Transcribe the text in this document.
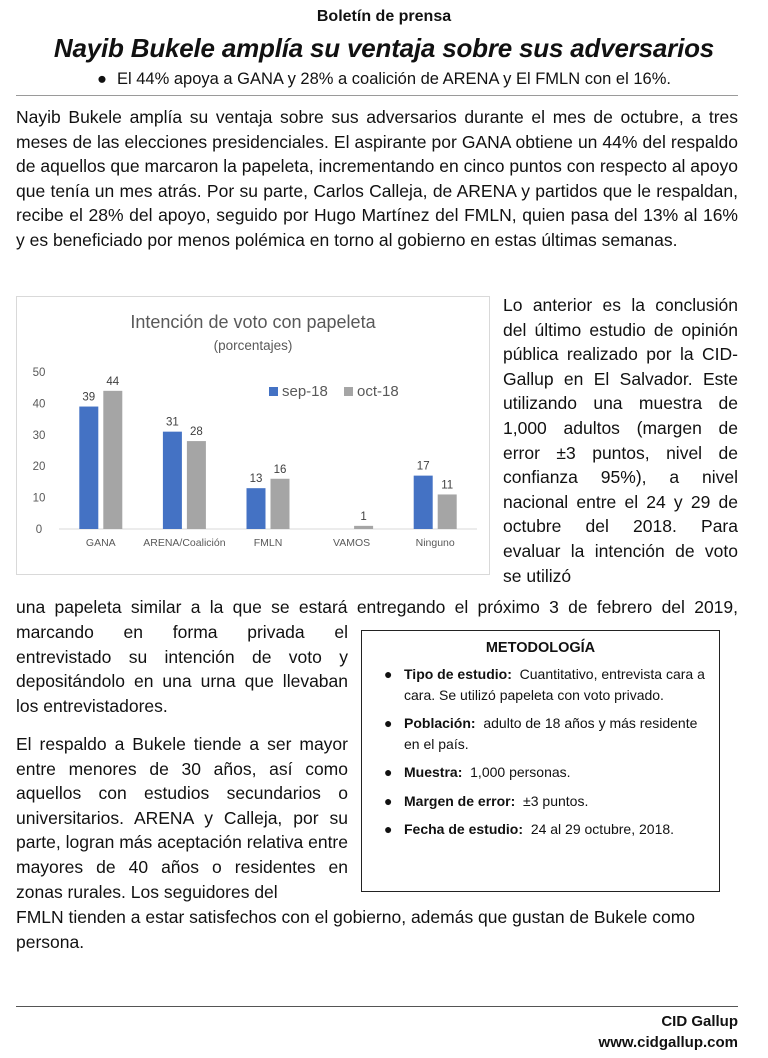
Boletín de prensa
Nayib Bukele amplía su ventaja sobre sus adversarios
● El 44% apoya a GANA y 28% a coalición de ARENA y El FMLN con el 16%.
Nayib Bukele amplía su ventaja sobre sus adversarios durante el mes de octubre, a tres meses de las elecciones presidenciales. El aspirante por GANA obtiene un 44% del respaldo de aquellos que marcaron la papeleta, incrementando en cinco puntos con respecto al apoyo que tenía un mes atrás. Por su parte, Carlos Calleja, de ARENA y partidos que le respaldan, recibe el 28% del apoyo, seguido por Hugo Martínez del FMLN, quien pasa del 13% al 16% y es beneficiado por menos polémica en torno al gobierno en estas últimas semanas.
Intención de voto con papeleta
(porcentajes)
0
10
20
30
40
50
GANA	ARENA/Coalición	FMLN	VAMOS	Ninguno
39
44
31
28
13
16
1
17
11
sep-18 oct-18
Lo anterior es la conclusión del último estudio de opinión pública realizado por la CID-Gallup en El Salvador. Este utilizando una muestra de 1,000 adultos (margen de error ±3 puntos, nivel de confianza 95%), a nivel nacional entre el 24 y 29 de octubre del 2018. Para evaluar la intención de voto se utilizó
una papeleta similar a la que se estará entregando el próximo 3 de febrero del 2019,
marcando en forma privada el entrevistado su intención de voto y depositándolo en una urna que llevaban los entrevistadores.
El respaldo a Bukele tiende a ser mayor entre menores de 30 años, así como aquellos con estudios secundarios o universitarios. ARENA y Calleja, por su parte, logran más aceptación relativa entre mayores de 40 años o residentes en zonas rurales. Los seguidores del
FMLN tienden a estar satisfechos con el gobierno, además que gustan de Bukele como persona.
METODOLOGÍA
● Tipo de estudio: Cuantitativo, entrevista cara a cara. Se utilizó papeleta con voto privado.
● Población: adulto de 18 años y más residente en el país.
● Muestra: 1,000 personas.
● Margen de error: ±3 puntos.
● Fecha de estudio: 24 al 29 octubre, 2018.
CID Gallup
www.cidgallup.com
